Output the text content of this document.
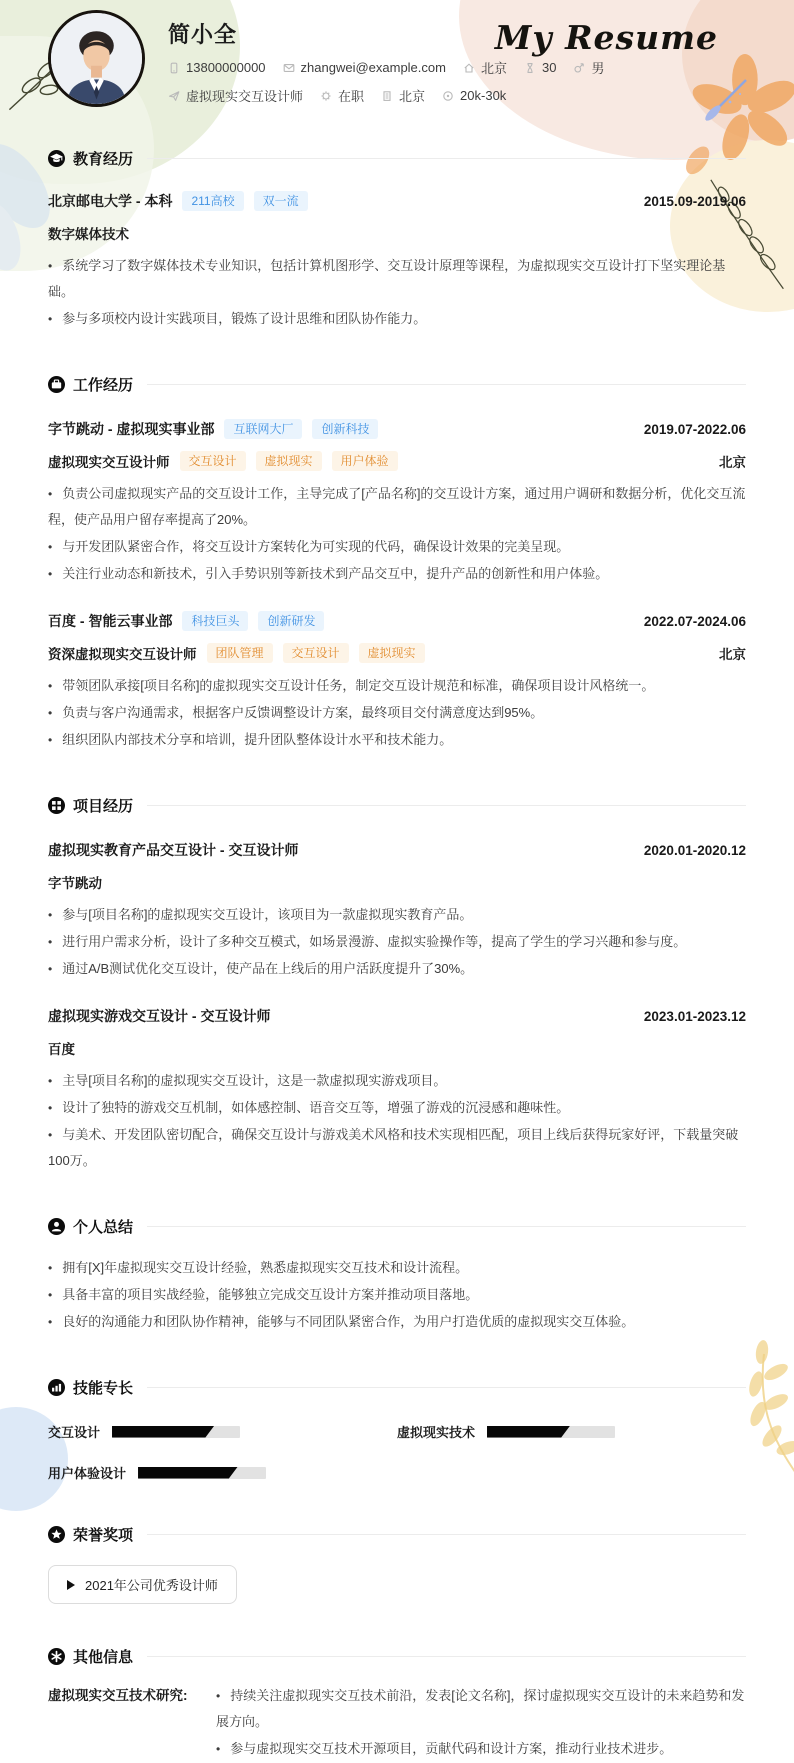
简小全	My Resume
13800000000	zhangwei@example.com	北京	30	男
虚拟现实交互设计师	在职	北京	20k-30k
教育经历
北京邮电大学 - 本科	211高校	双一流	2015.09-2019.06
数字媒体技术
• 系统学习了数字媒体技术专业知识，包括计算机图形学、交互设计原理等课程，为虚拟现实交互设计打下坚实理论基础。
• 参与多项校内设计实践项目，锻炼了设计思维和团队协作能力。
工作经历
字节跳动 - 虚拟现实事业部	互联网大厂	创新科技	2019.07-2022.06
虚拟现实交互设计师	交互设计	虚拟现实	用户体验	北京
• 负责公司虚拟现实产品的交互设计工作，主导完成了[产品名称]的交互设计方案，通过用户调研和数据分析，优化交互流程，使产品用户留存率提高了20%。
• 与开发团队紧密合作，将交互设计方案转化为可实现的代码，确保设计效果的完美呈现。
• 关注行业动态和新技术，引入手势识别等新技术到产品交互中，提升产品的创新性和用户体验。
百度 - 智能云事业部	科技巨头	创新研发	2022.07-2024.06
资深虚拟现实交互设计师	团队管理	交互设计	虚拟现实	北京
• 带领团队承接[项目名称]的虚拟现实交互设计任务，制定交互设计规范和标准，确保项目设计风格统一。
• 负责与客户沟通需求，根据客户反馈调整设计方案，最终项目交付满意度达到95%。
• 组织团队内部技术分享和培训，提升团队整体设计水平和技术能力。
项目经历
虚拟现实教育产品交互设计 - 交互设计师	2020.01-2020.12
字节跳动
• 参与[项目名称]的虚拟现实交互设计，该项目为一款虚拟现实教育产品。
• 进行用户需求分析，设计了多种交互模式，如场景漫游、虚拟实验操作等，提高了学生的学习兴趣和参与度。
• 通过A/B测试优化交互设计，使产品在上线后的用户活跃度提升了30%。
虚拟现实游戏交互设计 - 交互设计师	2023.01-2023.12
百度
• 主导[项目名称]的虚拟现实交互设计，这是一款虚拟现实游戏项目。
• 设计了独特的游戏交互机制，如体感控制、语音交互等，增强了游戏的沉浸感和趣味性。
• 与美术、开发团队密切配合，确保交互设计与游戏美术风格和技术实现相匹配，项目上线后获得玩家好评，下载量突破100万。
个人总结
• 拥有[X]年虚拟现实交互设计经验，熟悉虚拟现实交互技术和设计流程。
• 具备丰富的项目实战经验，能够独立完成交互设计方案并推动项目落地。
• 良好的沟通能力和团队协作精神，能够与不同团队紧密合作，为用户打造优质的虚拟现实交互体验。
技能专长
交互设计	虚拟现实技术
用户体验设计
荣誉奖项
2021年公司优秀设计师
其他信息
虚拟现实交互技术研究:	• 持续关注虚拟现实交互技术前沿，发表[论文名称]，探讨虚拟现实交互设计的未来趋势和发展方向。
• 参与虚拟现实交互技术开源项目，贡献代码和设计方案，推动行业技术进步。
